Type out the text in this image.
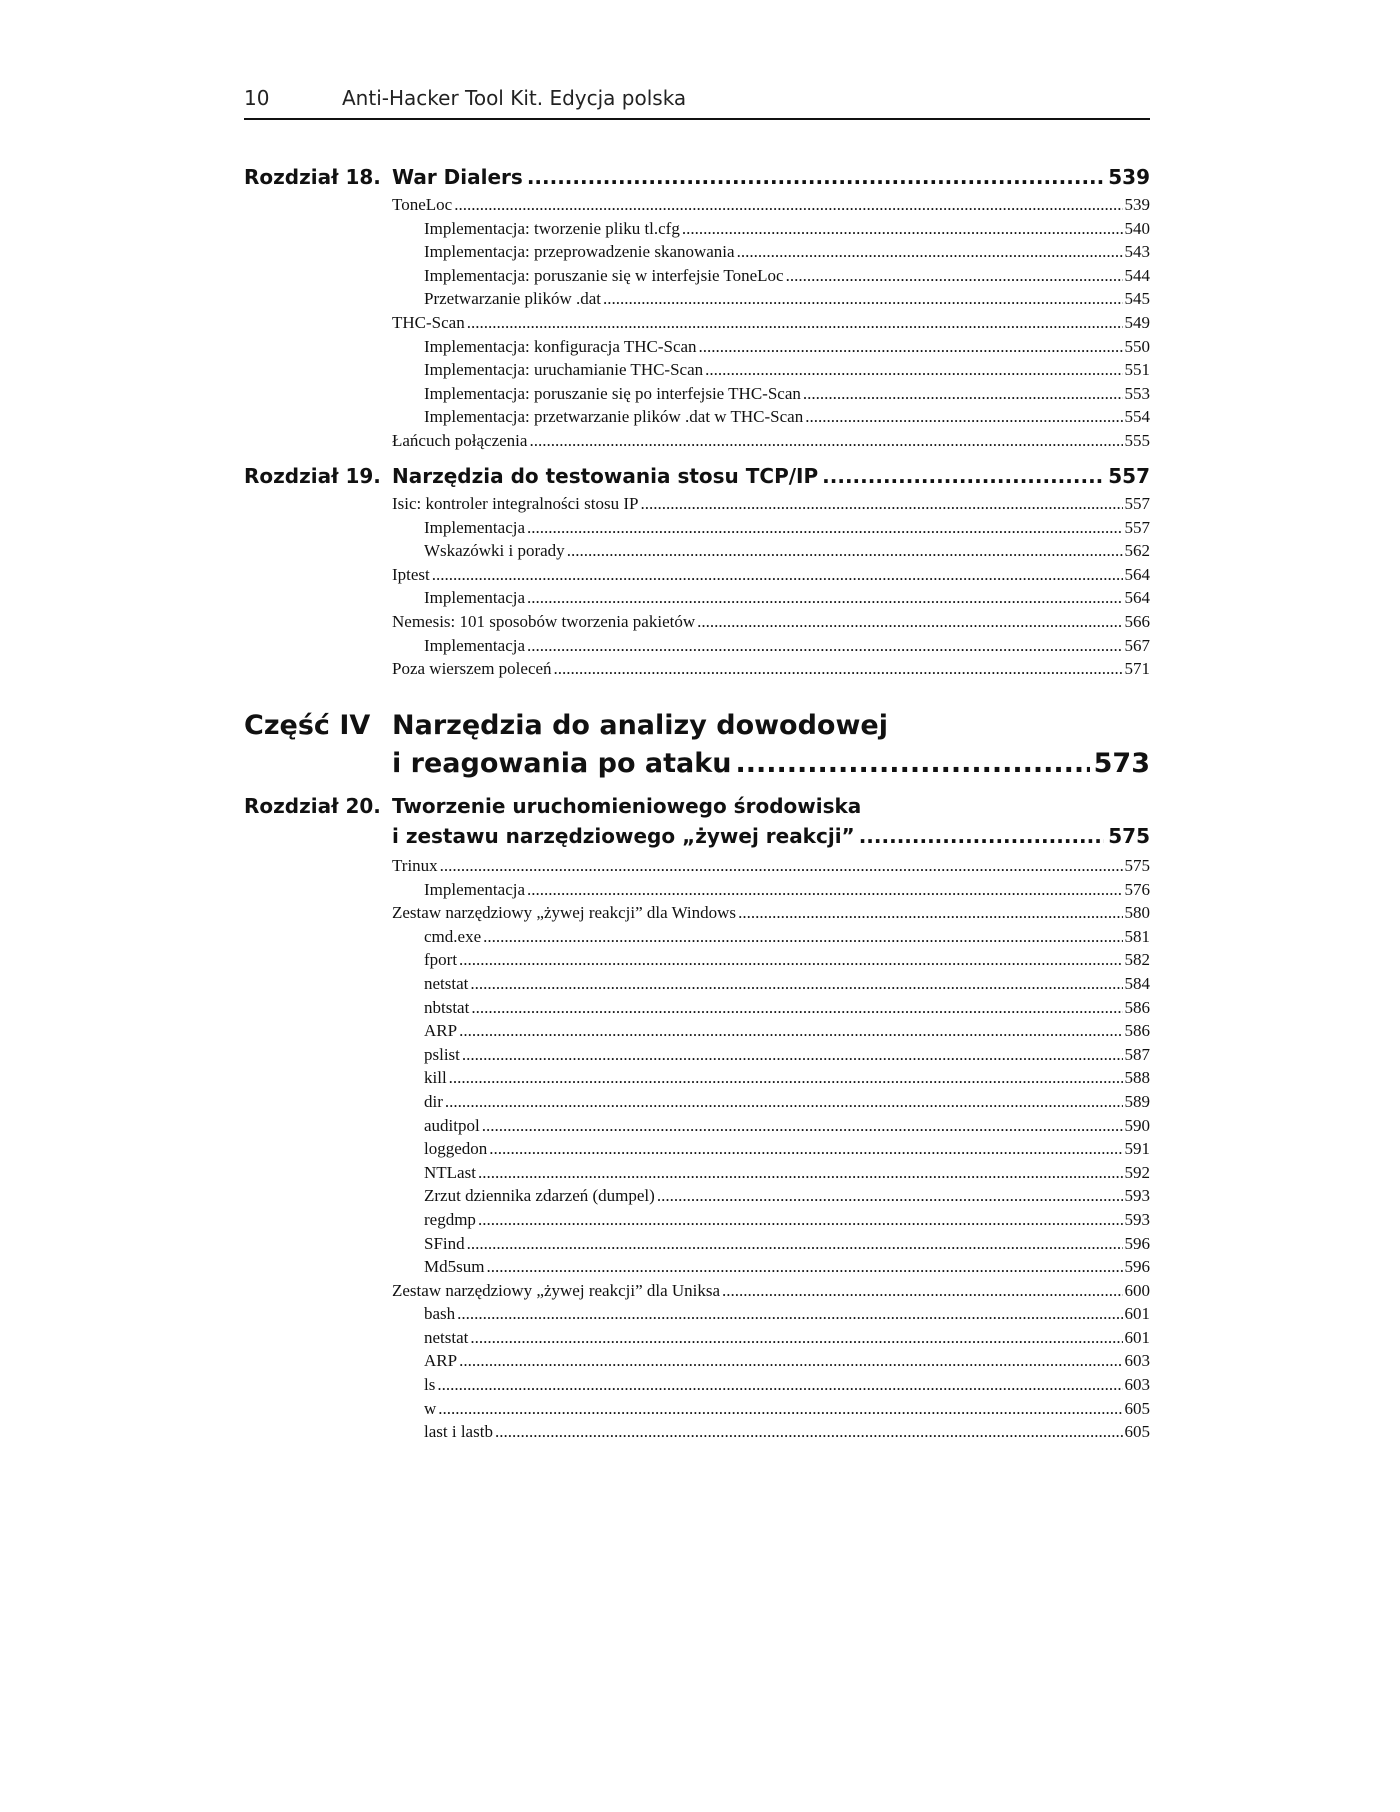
10	Anti-Hacker Tool Kit. Edycja polska
Rozdział 18. War Dialers .....	539
ToneLoc .....	539
Implementacja: tworzenie pliku tl.cfg .....	540
Implementacja: przeprowadzenie skanowania .....	543
Implementacja: poruszanie się w interfejsie ToneLoc .....	544
Przetwarzanie plików .dat .....	545
THC-Scan .....	549
Implementacja: konfiguracja THC-Scan .....	550
Implementacja: uruchamianie THC-Scan .....	551
Implementacja: poruszanie się po interfejsie THC-Scan .....	553
Implementacja: przetwarzanie plików .dat w THC-Scan .....	554
Łańcuch połączenia .....	555
Rozdział 19. Narzędzia do testowania stosu TCP/IP .....	557
Isic: kontroler integralności stosu IP .....	557
Implementacja .....	557
Wskazówki i porady .....	562
Iptest .....	564
Implementacja .....	564
Nemesis: 101 sposobów tworzenia pakietów .....	566
Implementacja .....	567
Poza wierszem poleceń .....	571
Część IV Narzędzia do analizy dowodowej
i reagowania po ataku .....	573
Rozdział 20. Tworzenie uruchomieniowego środowiska
i zestawu narzędziowego „żywej reakcji” .....	575
Trinux .....	575
Implementacja .....	576
Zestaw narzędziowy „żywej reakcji” dla Windows .....	580
cmd.exe .....	581
fport .....	582
netstat .....	584
nbtstat .....	586
ARP .....	586
pslist .....	587
kill .....	588
dir .....	589
auditpol .....	590
loggedon .....	591
NTLast .....	592
Zrzut dziennika zdarzeń (dumpel) .....	593
regdmp .....	593
SFind .....	596
Md5sum .....	596
Zestaw narzędziowy „żywej reakcji” dla Uniksa .....	600
bash .....	601
netstat .....	601
ARP .....	603
ls .....	603
w .....	605
last i lastb .....	605
